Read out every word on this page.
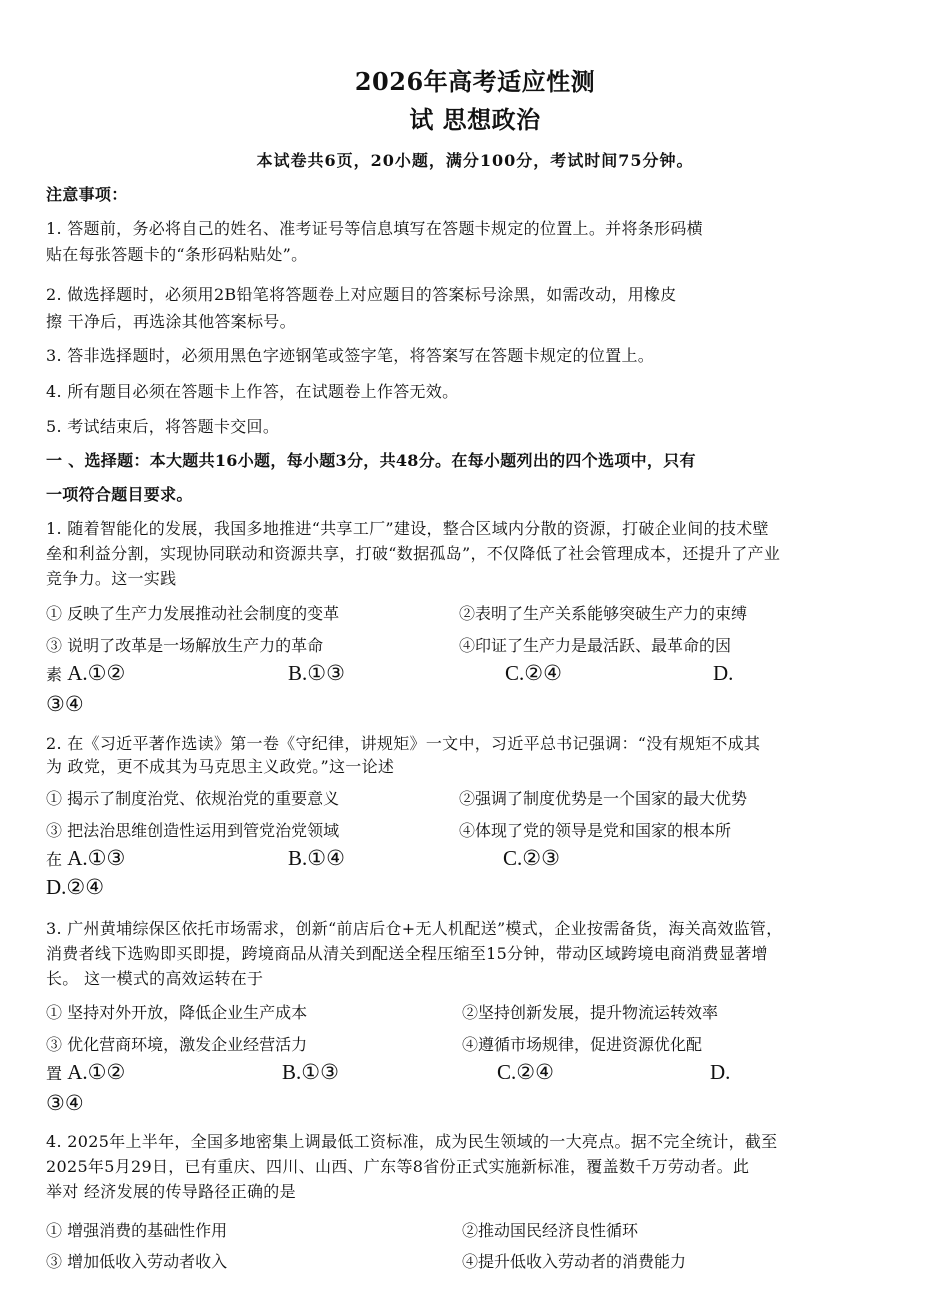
2026年高考适应性测
试 思想政治
本试卷共6页，20小题，满分100分，考试时间75分钟。
注意事项：
1. 答题前，务必将自己的姓名、准考证号等信息填写在答题卡规定的位置上。并将条形码横
贴在每张答题卡的“条形码粘贴处”。
2. 做选择题时，必须用2B铅笔将答题卷上对应题目的答案标号涂黑，如需改动，用橡皮
擦 干净后，再选涂其他答案标号。
3. 答非选择题时，必须用黑色字迹钢笔或签字笔，将答案写在答题卡规定的位置上。
4. 所有题目必须在答题卡上作答，在试题卷上作答无效。
5. 考试结束后，将答题卡交回。
一 、选择题：本大题共16小题，每小题3分，共48分。在每小题列出的四个选项中，只有
一项符合题目要求。
1. 随着智能化的发展，我国多地推进“共享工厂”建设，整合区域内分散的资源，打破企业间的技术壁
垒和利益分割，实现协同联动和资源共享，打破“数据孤岛”，不仅降低了社会管理成本，还提升了产业
竞争力。这一实践
① 反映了生产力发展推动社会制度的变革	②表明了生产关系能够突破生产力的束缚
③ 说明了改革是一场解放生产力的革命	④印证了生产力是最活跃、最革命的因
素 A.①②	B.①③	C.②④	D.
③④
2. 在《习近平著作选读》第一卷《守纪律，讲规矩》一文中，习近平总书记强调：“没有规矩不成其
为 政党，更不成其为马克思主义政党。”这一论述
① 揭示了制度治党、依规治党的重要意义	②强调了制度优势是一个国家的最大优势
③ 把法治思维创造性运用到管党治党领域	④体现了党的领导是党和国家的根本所
在 A.①③	B.①④	C.②③
D.②④
3. 广州黄埔综保区依托市场需求，创新“前店后仓+无人机配送”模式，企业按需备货，海关高效监管，
消费者线下选购即买即提，跨境商品从清关到配送全程压缩至15分钟，带动区域跨境电商消费显著增
长。 这一模式的高效运转在于
① 坚持对外开放，降低企业生产成本	②坚持创新发展，提升物流运转效率
③ 优化营商环境，激发企业经营活力	④遵循市场规律，促进资源优化配
置 A.①②	B.①③	C.②④	D.
③④
4. 2025年上半年，全国多地密集上调最低工资标准，成为民生领域的一大亮点。据不完全统计，截至
2025年5月29日，已有重庆、四川、山西、广东等8省份正式实施新标准，覆盖数千万劳动者。此
举对 经济发展的传导路径正确的是
① 增强消费的基础性作用	②推动国民经济良性循环
③ 增加低收入劳动者收入	④提升低收入劳动者的消费能力
